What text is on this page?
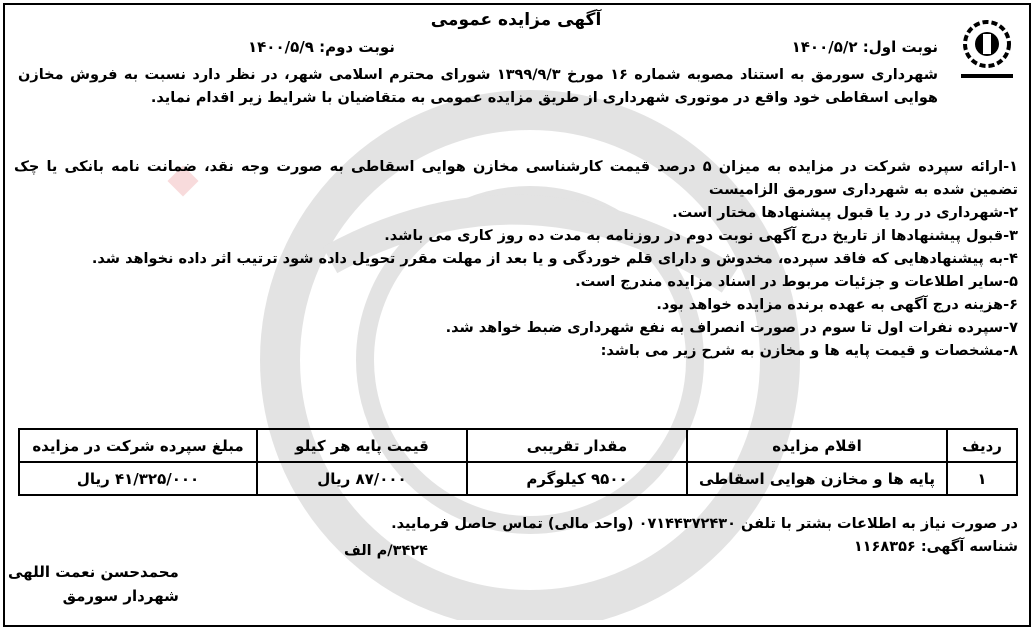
آگهی مزایده عمومی
نوبت اول: ۱۴۰۰/۵/۲
نوبت دوم: ۱۴۰۰/۵/۹
شهرداری سورمق به استناد مصوبه شماره ۱۶ مورخ ۱۳۹۹/۹/۳ شورای محترم اسلامی شهر، در نظر دارد نسبت به فروش مخازن هوایی اسقاطی خود واقع در موتوری شهرداری از طریق مزایده عمومی به متقاضیان با شرایط زیر اقدام نماید.
۱-ارائه سپرده شرکت در مزایده به میزان ۵ درصد قیمت کارشناسی مخازن هوایی اسقاطی به صورت وجه نقد، ضمانت نامه بانکی یا چک تضمین شده به شهرداری سورمق الزامیست
۲-شهرداری در رد یا قبول پیشنهادها مختار است.
۳-قبول پیشنهادها از تاریخ درج آگهی نوبت دوم در روزنامه به مدت ده روز کاری می باشد.
۴-به پیشنهادهایی که فاقد سپرده، مخدوش و دارای قلم خوردگی و یا بعد از مهلت مقرر تحویل داده شود ترتیب اثر داده نخواهد شد.
۵-سایر اطلاعات و جزئیات مربوط در اسناد مزایده مندرج است.
۶-هزینه درج آگهی به عهده برنده مزایده خواهد بود.
۷-سپرده نفرات اول تا سوم در صورت انصراف به نفع شهرداری ضبط خواهد شد.
۸-مشخصات و قیمت پایه ها و مخازن به شرح زیر می باشد:
ردیف	اقلام مزایده	مقدار تقریبی	قیمت پایه هر کیلو	مبلغ سپرده شرکت در مزایده
۱	پایه ها و مخازن هوایی اسقاطی	۹۵۰۰ کیلوگرم	۸۷/۰۰۰ ریال	۴۱/۳۲۵/۰۰۰ ریال
در صورت نیاز به اطلاعات بشتر با تلفن ۰۷۱۴۴۳۷۲۴۳۰ (واحد مالی) تماس حاصل فرمایید.
شناسه آگهی: ۱۱۶۸۳۵۶
۳۴۲۴/م الف
محمدحسن نعمت اللهی
شهردار سورمق
